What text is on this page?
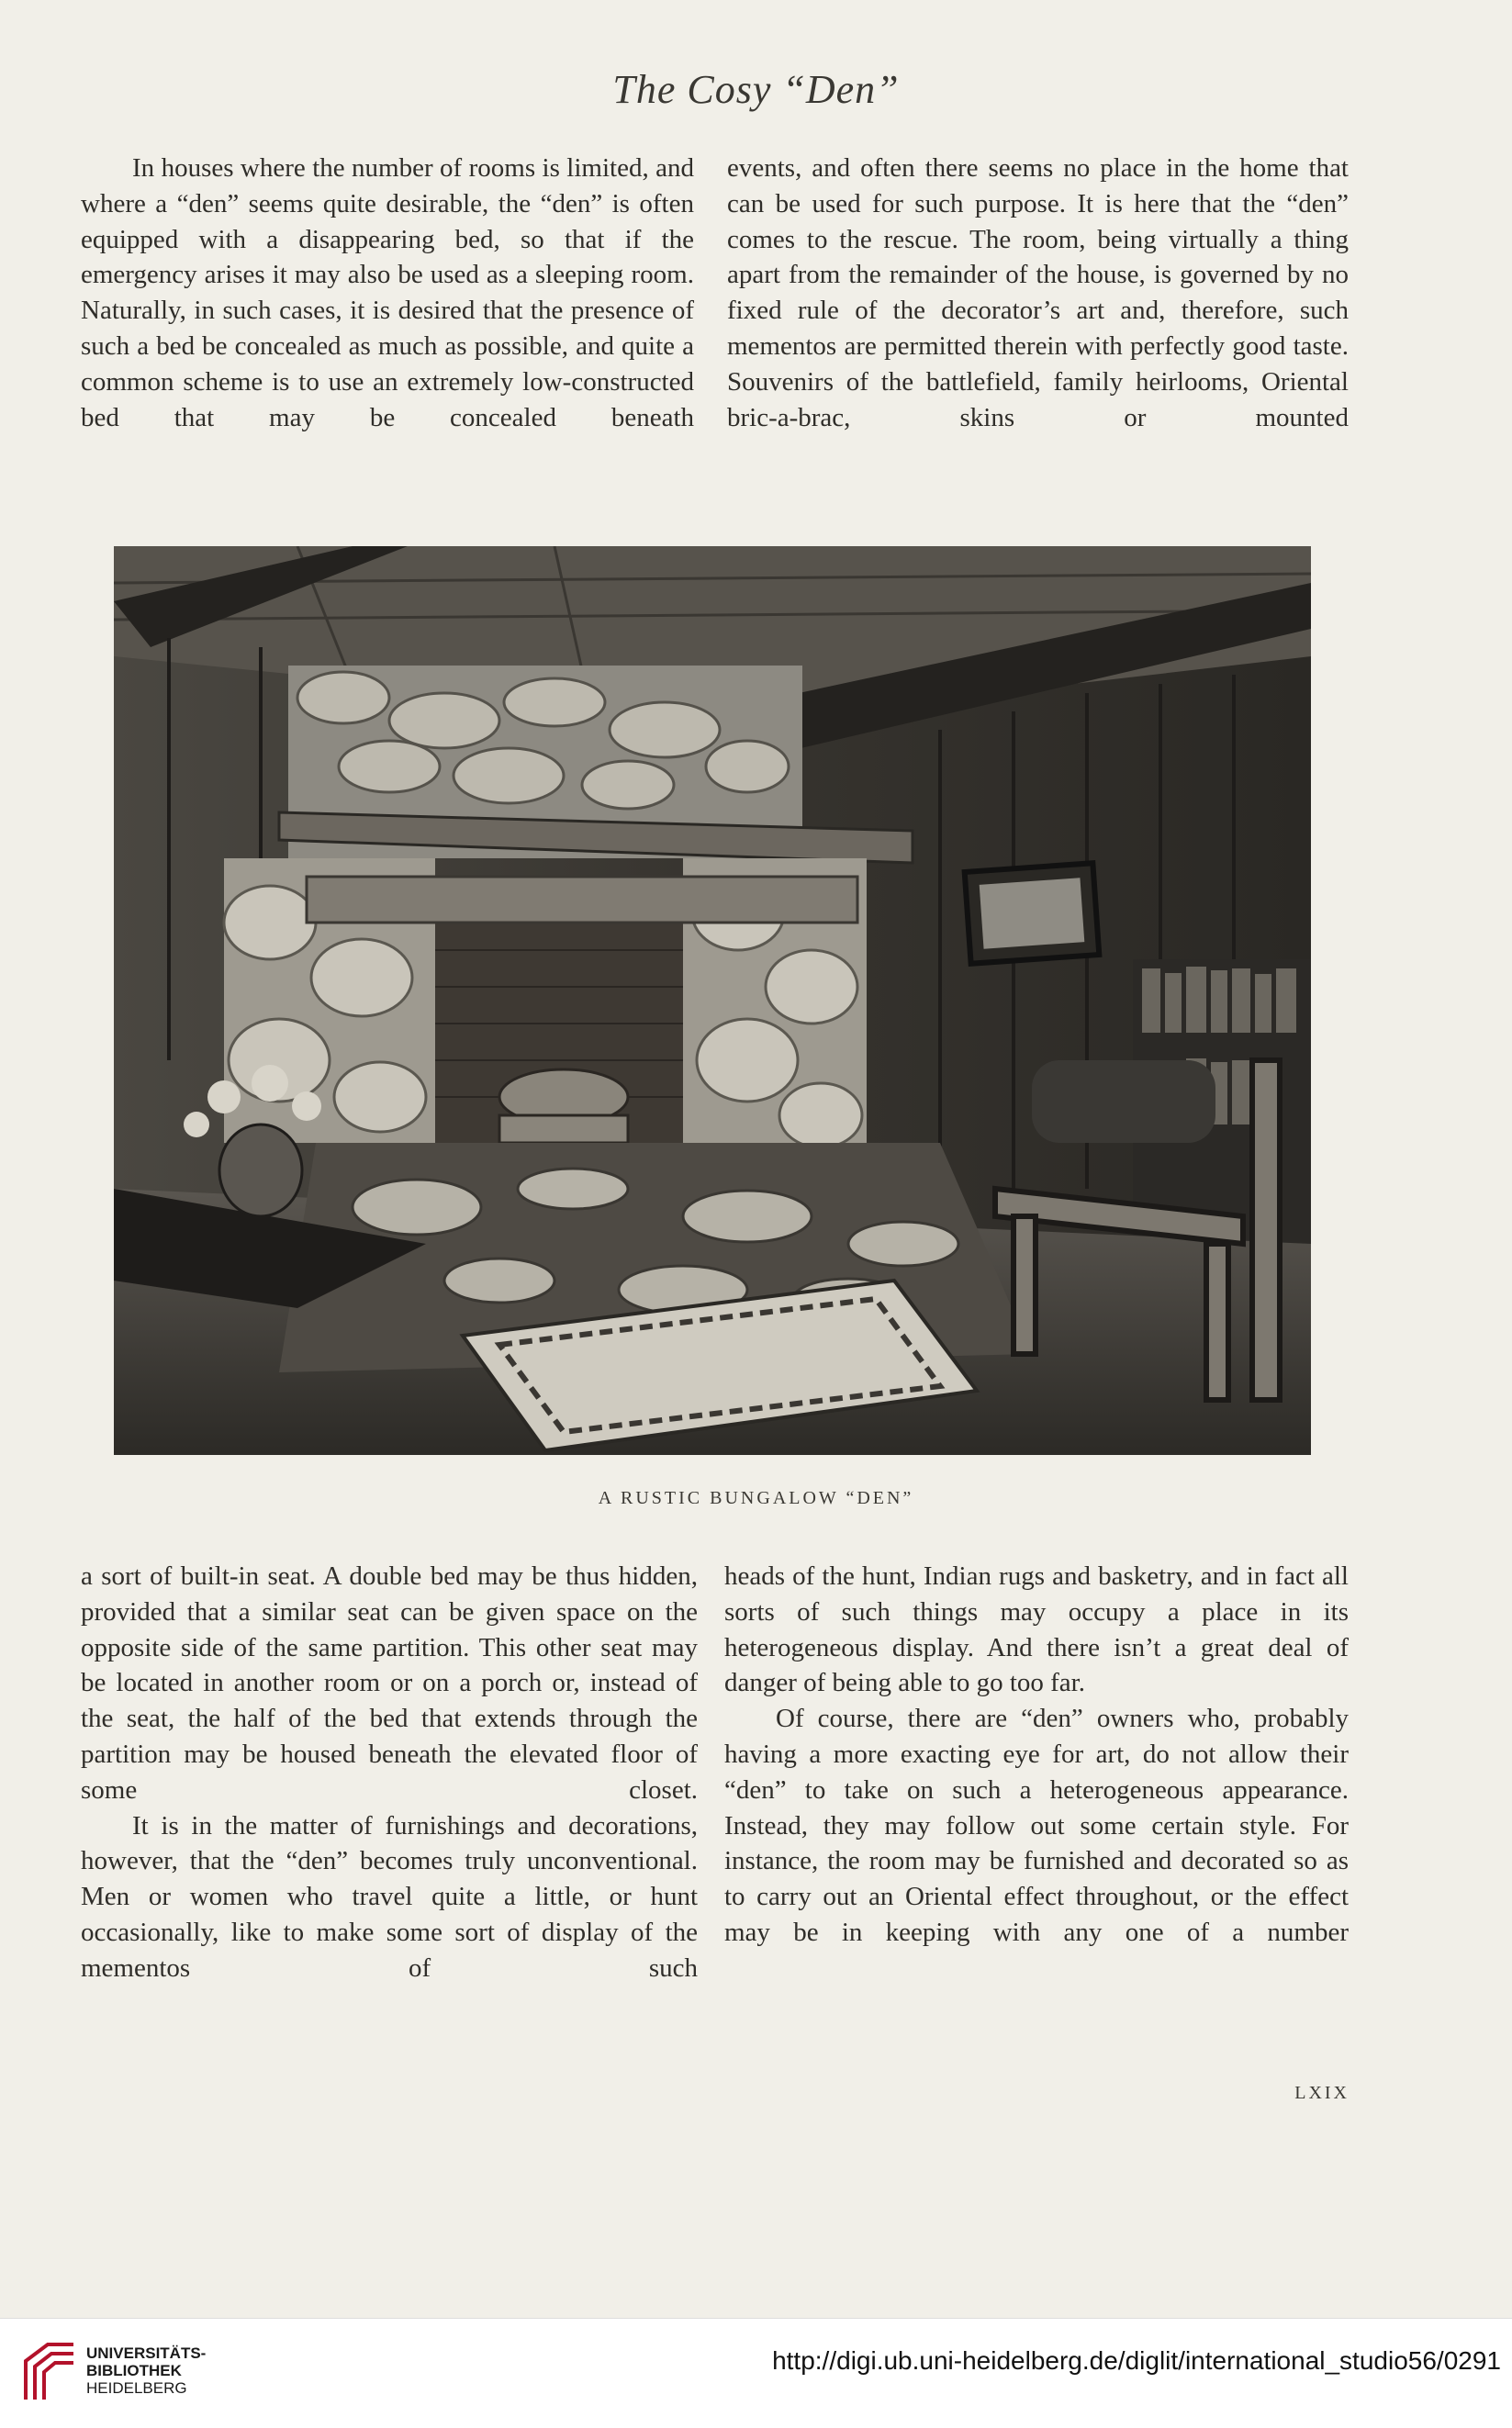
The Cosy “Den”

In houses where the number of rooms is limited, and where a “den” seems quite desirable, the “den” is often equipped with a disappearing bed, so that if the emergency arises it may also be used as a sleeping room. Naturally, in such cases, it is desired that the presence of such a bed be concealed as much as possible, and quite a common scheme is to use an extremely low-constructed bed that may be concealed beneath

events, and often there seems no place in the home that can be used for such purpose. It is here that the “den” comes to the rescue. The room, being virtually a thing apart from the remainder of the house, is governed by no fixed rule of the decorator’s art and, therefore, such mementos are permitted therein with perfectly good taste. Souvenirs of the battlefield, family heirlooms, Oriental bric-a-brac, skins or mounted

A RUSTIC BUNGALOW “DEN”

a sort of built-in seat. A double bed may be thus hidden, provided that a similar seat can be given space on the opposite side of the same partition. This other seat may be located in another room or on a porch or, instead of the seat, the half of the bed that extends through the partition may be housed beneath the elevated floor of some closet.

It is in the matter of furnishings and decorations, however, that the “den” becomes truly unconventional. Men or women who travel quite a little, or hunt occasionally, like to make some sort of display of the mementos of such

heads of the hunt, Indian rugs and basketry, and in fact all sorts of such things may occupy a place in its heterogeneous display. And there isn’t a great deal of danger of being able to go too far.

Of course, there are “den” owners who, probably having a more exacting eye for art, do not allow their “den” to take on such a heterogeneous appearance. Instead, they may follow out some certain style. For instance, the room may be furnished and decorated so as to carry out an Oriental effect throughout, or the effect may be in keeping with any one of a number

LXIX
UNIVERSITÄTS-
BIBLIOTHEK
HEIDELBERG
http://digi.ub.uni-heidelberg.de/diglit/international_studio56/0291
